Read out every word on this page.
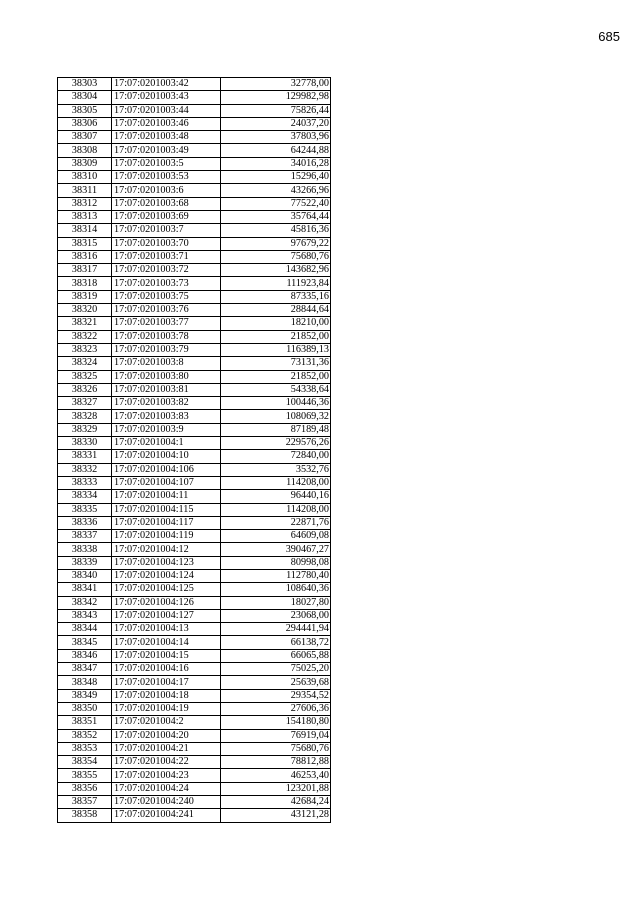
685
38303	17:07:0201003:42	32778,00
38304	17:07:0201003:43	129982,98
38305	17:07:0201003:44	75826,44
38306	17:07:0201003:46	24037,20
38307	17:07:0201003:48	37803,96
38308	17:07:0201003:49	64244,88
38309	17:07:0201003:5	34016,28
38310	17:07:0201003:53	15296,40
38311	17:07:0201003:6	43266,96
38312	17:07:0201003:68	77522,40
38313	17:07:0201003:69	35764,44
38314	17:07:0201003:7	45816,36
38315	17:07:0201003:70	97679,22
38316	17:07:0201003:71	75680,76
38317	17:07:0201003:72	143682,96
38318	17:07:0201003:73	111923,84
38319	17:07:0201003:75	87335,16
38320	17:07:0201003:76	28844,64
38321	17:07:0201003:77	18210,00
38322	17:07:0201003:78	21852,00
38323	17:07:0201003:79	116389,13
38324	17:07:0201003:8	73131,36
38325	17:07:0201003:80	21852,00
38326	17:07:0201003:81	54338,64
38327	17:07:0201003:82	100446,36
38328	17:07:0201003:83	108069,32
38329	17:07:0201003:9	87189,48
38330	17:07:0201004:1	229576,26
38331	17:07:0201004:10	72840,00
38332	17:07:0201004:106	3532,76
38333	17:07:0201004:107	114208,00
38334	17:07:0201004:11	96440,16
38335	17:07:0201004:115	114208,00
38336	17:07:0201004:117	22871,76
38337	17:07:0201004:119	64609,08
38338	17:07:0201004:12	390467,27
38339	17:07:0201004:123	80998,08
38340	17:07:0201004:124	112780,40
38341	17:07:0201004:125	108640,36
38342	17:07:0201004:126	18027,80
38343	17:07:0201004:127	23068,00
38344	17:07:0201004:13	294441,94
38345	17:07:0201004:14	66138,72
38346	17:07:0201004:15	66065,88
38347	17:07:0201004:16	75025,20
38348	17:07:0201004:17	25639,68
38349	17:07:0201004:18	29354,52
38350	17:07:0201004:19	27606,36
38351	17:07:0201004:2	154180,80
38352	17:07:0201004:20	76919,04
38353	17:07:0201004:21	75680,76
38354	17:07:0201004:22	78812,88
38355	17:07:0201004:23	46253,40
38356	17:07:0201004:24	123201,88
38357	17:07:0201004:240	42684,24
38358	17:07:0201004:241	43121,28
